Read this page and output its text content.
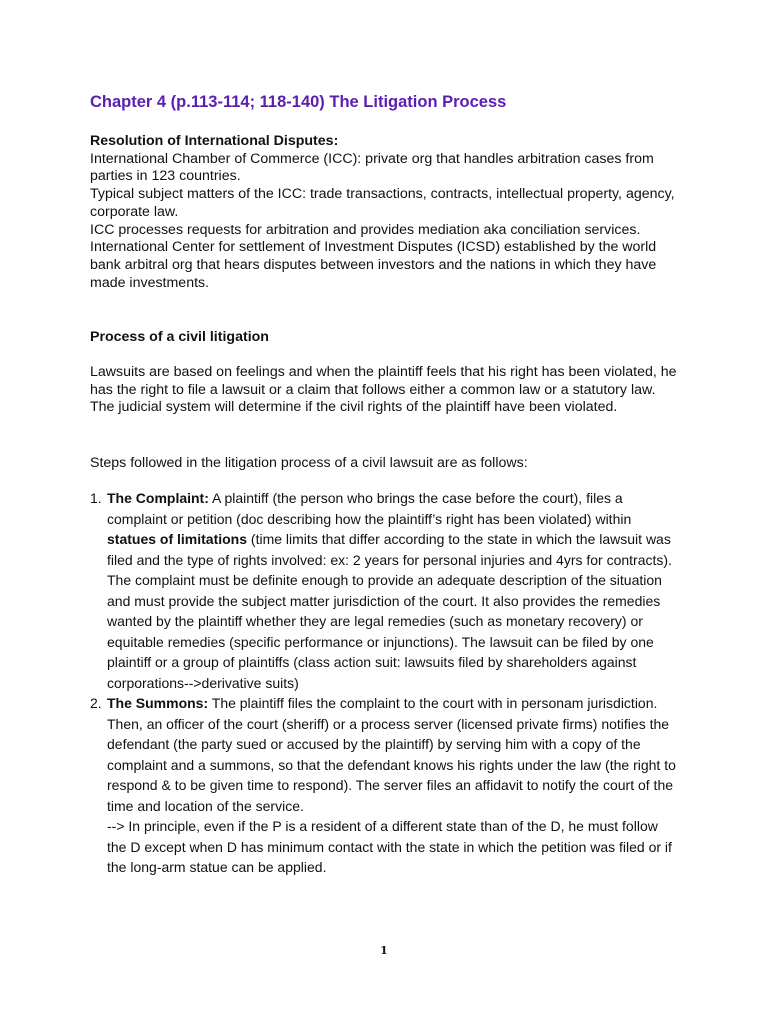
Chapter 4 (p.113-114; 118-140) The Litigation Process

Resolution of International Disputes:

International Chamber of Commerce (ICC): private org that handles arbitration cases from parties in 123 countries.

Typical subject matters of the ICC: trade transactions, contracts, intellectual property, agency, corporate law.

ICC processes requests for arbitration and provides mediation aka conciliation services.

International Center for settlement of Investment Disputes (ICSD) established by the world bank arbitral org that hears disputes between investors and the nations in which they have made investments.

Process of a civil litigation

Lawsuits are based on feelings and when the plaintiff feels that his right has been violated, he has the right to file a lawsuit or a claim that follows either a common law or a statutory law. The judicial system will determine if the civil rights of the plaintiff have been violated.

Steps followed in the litigation process of a civil lawsuit are as follows:

1. The Complaint: A plaintiff (the person who brings the case before the court), files a complaint or petition (doc describing how the plaintiff’s right has been violated) within statues of limitations (time limits that differ according to the state in which the lawsuit was filed and the type of rights involved: ex: 2 years for personal injuries and 4yrs for contracts). The complaint must be definite enough to provide an adequate description of the situation and must provide the subject matter jurisdiction of the court. It also provides the remedies wanted by the plaintiff whether they are legal remedies (such as monetary recovery) or equitable remedies (specific performance or injunctions). The lawsuit can be filed by one plaintiff or a group of plaintiffs (class action suit: lawsuits filed by shareholders against corporations-->derivative suits)

2. The Summons: The plaintiff files the complaint to the court with in personam jurisdiction. Then, an officer of the court (sheriff) or a process server (licensed private firms) notifies the defendant (the party sued or accused by the plaintiff) by serving him with a copy of the complaint and a summons, so that the defendant knows his rights under the law (the right to respond & to be given time to respond). The server files an affidavit to notify the court of the time and location of the service.

--> In principle, even if the P is a resident of a different state than of the D, he must follow the D except when D has minimum contact with the state in which the petition was filed or if the long-arm statue can be applied.

1
